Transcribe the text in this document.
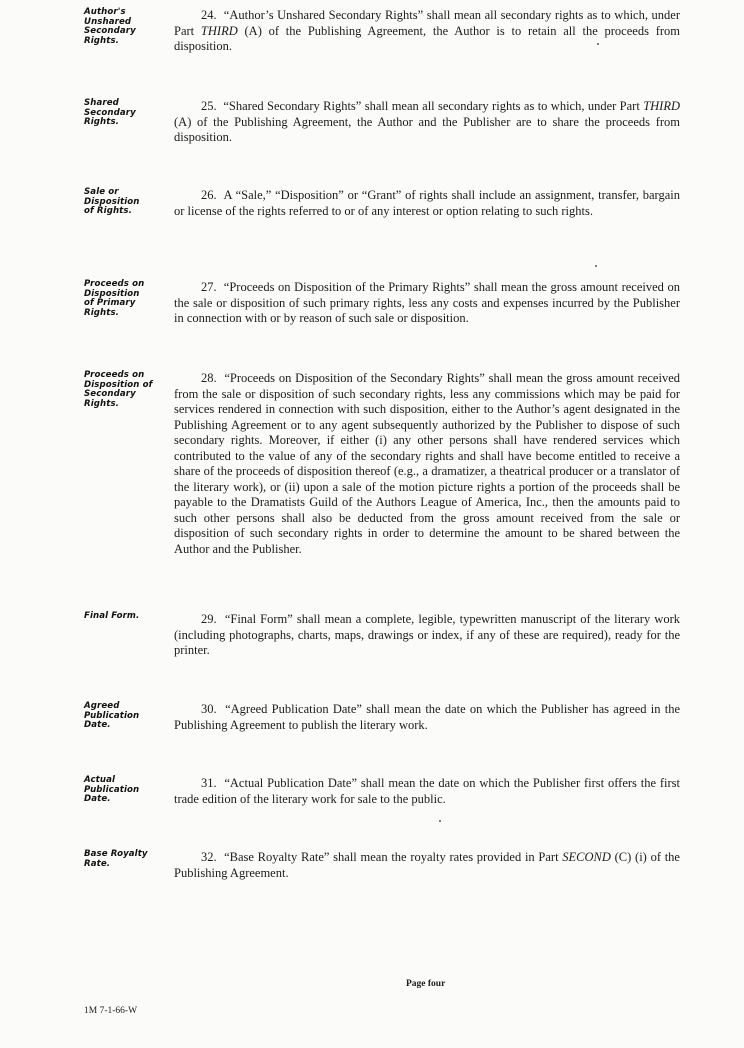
Author's
Unshared
Secondary
Rights.

24. “Author’s Unshared Secondary Rights” shall mean all secondary rights as to which, under Part THIRD (A) of the Publishing Agreement, the Author is to retain all the proceeds from disposition.

Shared
Secondary
Rights.

25. “Shared Secondary Rights” shall mean all secondary rights as to which, under Part THIRD (A) of the Publishing Agreement, the Author and the Publisher are to share the proceeds from disposition.

Sale or
Disposition
of Rights.

26. A “Sale,” “Disposition” or “Grant” of rights shall include an assignment, transfer, bargain or license of the rights referred to or of any interest or option relating to such rights.

Proceeds on
Disposition
of Primary
Rights.

27. “Proceeds on Disposition of the Primary Rights” shall mean the gross amount received on the sale or disposition of such primary rights, less any costs and expenses incurred by the Publisher in connection with or by reason of such sale or disposition.

Proceeds on
Disposition of
Secondary
Rights.

28. “Proceeds on Disposition of the Secondary Rights” shall mean the gross amount received from the sale or disposition of such secondary rights, less any commissions which may be paid for services rendered in connection with such disposition, either to the Author’s agent designated in the Publishing Agreement or to any agent subsequently authorized by the Publisher to dispose of such secondary rights. Moreover, if either (i) any other persons shall have rendered services which contributed to the value of any of the secondary rights and shall have become entitled to receive a share of the proceeds of disposition thereof (e.g., a dramatizer, a theatrical producer or a translator of the literary work), or (ii) upon a sale of the motion picture rights a portion of the proceeds shall be payable to the Dramatists Guild of the Authors League of America, Inc., then the amounts paid to such other persons shall also be deducted from the gross amount received from the sale or disposition of such secondary rights in order to determine the amount to be shared between the Author and the Publisher.

Final Form.	29. “Final Form” shall mean a complete, legible, typewritten manuscript of the literary work (including photographs, charts, maps, drawings or index, if any of these are required), ready for the printer.

Agreed
Publication
Date.

30. “Agreed Publication Date” shall mean the date on which the Publisher has agreed in the Publishing Agreement to publish the literary work.

Actual
Publication
Date.

31. “Actual Publication Date” shall mean the date on which the Publisher first offers the first trade edition of the literary work for sale to the public.

Base Royalty
Rate.	32. “Base Royalty Rate” shall mean the royalty rates provided in Part SECOND (C) (i) of the Publishing Agreement.

Page four
1M 7-1-66-W
